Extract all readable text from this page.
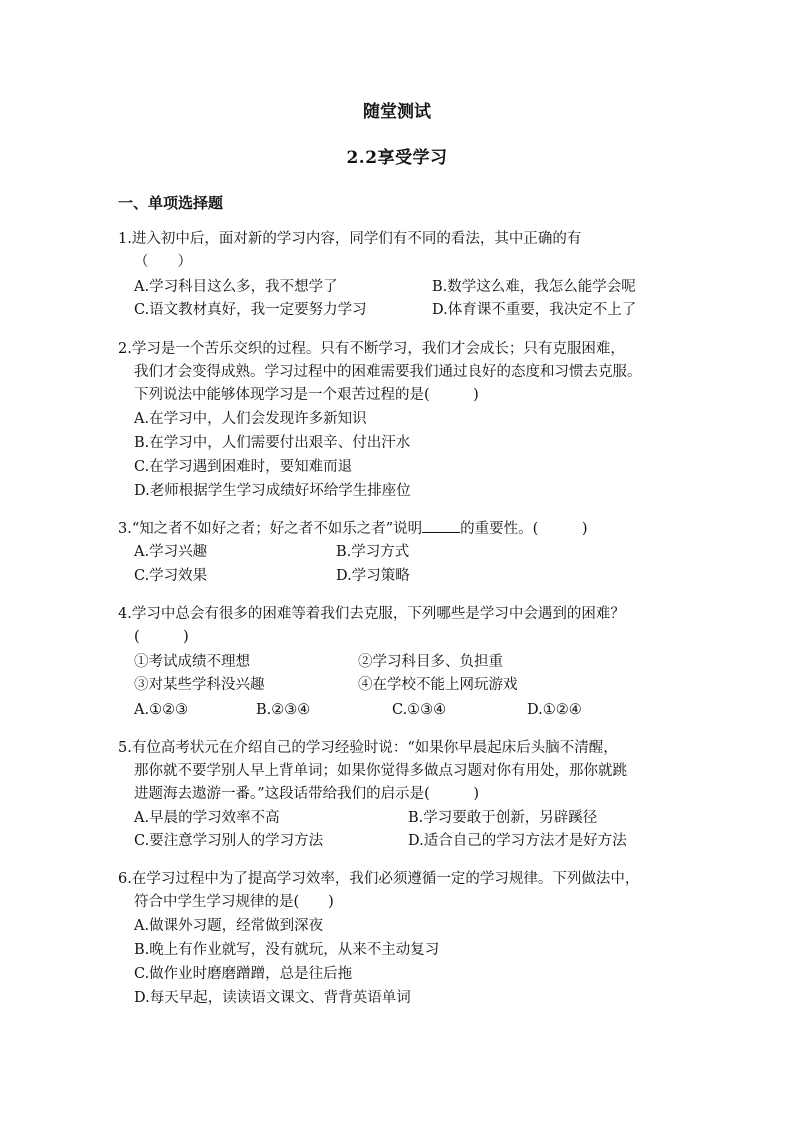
随堂测试
2.2享受学习
一、单项选择题
1.进入初中后，面对新的学习内容，同学们有不同的看法，其中正确的有
（　　）
A.学习科目这么多，我不想学了	B.数学这么难，我怎么能学会呢
C.语文教材真好，我一定要努力学习	D.体育课不重要，我决定不上了
2.学习是一个苦乐交织的过程。只有不断学习，我们才会成长；只有克服困难，
我们才会变得成熟。学习过程中的困难需要我们通过良好的态度和习惯去克服。
下列说法中能够体现学习是一个艰苦过程的是(　　　)
A.在学习中，人们会发现许多新知识
B.在学习中，人们需要付出艰辛、付出汗水
C.在学习遇到困难时，要知难而退
D.老师根据学生学习成绩好坏给学生排座位
3.“知之者不如好之者；好之者不如乐之者”说明	的重要性。(　　　)
A.学习兴趣	B.学习方式
C.学习效果	D.学习策略
4.学习中总会有很多的困难等着我们去克服，下列哪些是学习中会遇到的困难？
(　　　)
①考试成绩不理想	②学习科目多、负担重
③对某些学科没兴趣	④在学校不能上网玩游戏
A.①②③	B.②③④	C.①③④	D.①②④
5.有位高考状元在介绍自己的学习经验时说：“如果你早晨起床后头脑不清醒，
那你就不要学别人早上背单词；如果你觉得多做点习题对你有用处，那你就跳
进题海去遨游一番。”这段话带给我们的启示是(　　　)
A.早晨的学习效率不高	B.学习要敢于创新，另辟蹊径
C.要注意学习别人的学习方法	D.适合自己的学习方法才是好方法
6.在学习过程中为了提高学习效率，我们必须遵循一定的学习规律。下列做法中，
符合中学生学习规律的是(　　)
A.做课外习题，经常做到深夜
B.晚上有作业就写，没有就玩，从来不主动复习
C.做作业时磨磨蹭蹭，总是往后拖
D.每天早起，读读语文课文、背背英语单词
